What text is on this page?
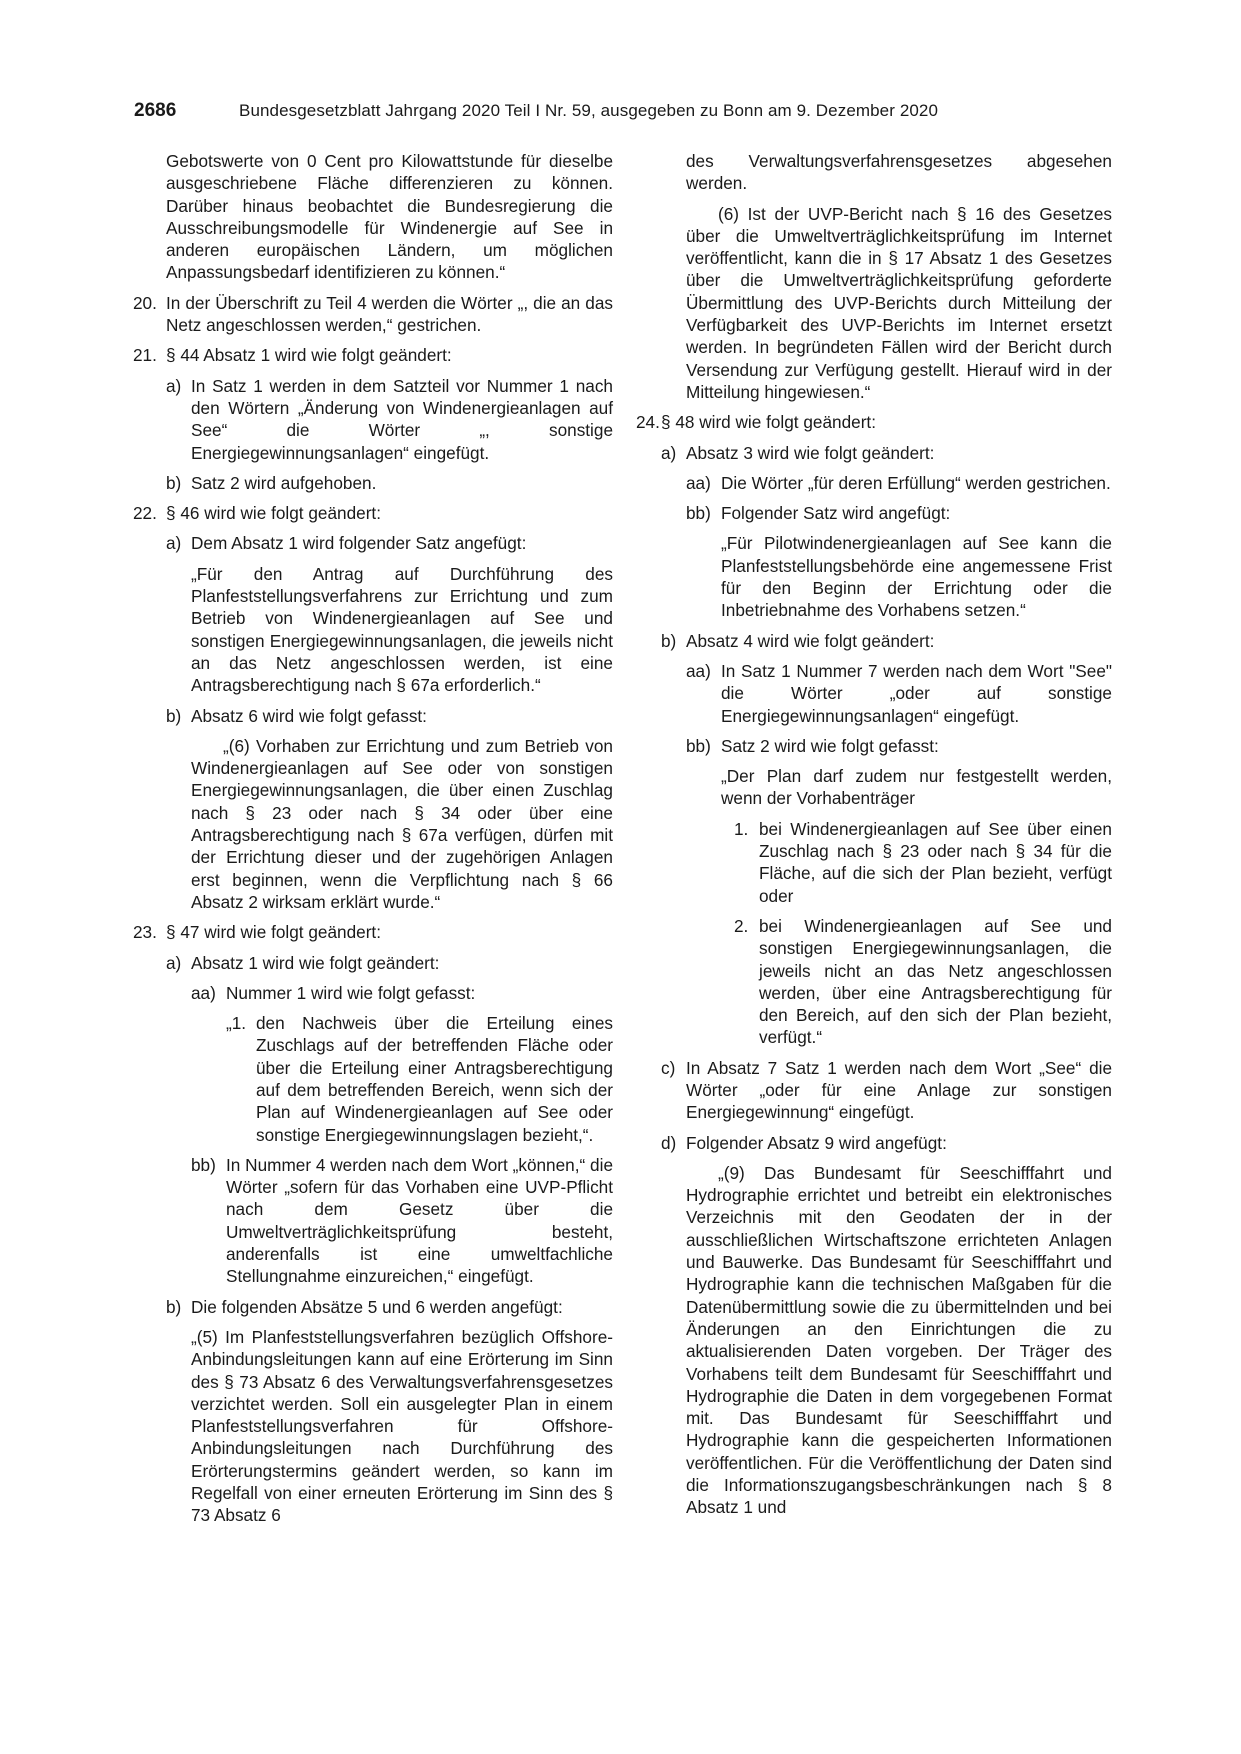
2686	Bundesgesetzblatt Jahrgang 2020 Teil I Nr. 59, ausgegeben zu Bonn am 9. Dezember 2020
Gebotswerte von 0 Cent pro Kilowattstunde für dieselbe ausgeschriebene Fläche differenzieren zu können. Darüber hinaus beobachtet die Bundesregierung die Ausschreibungsmodelle für Windenergie auf See in anderen europäischen Ländern, um möglichen Anpassungsbedarf identifizieren zu können.“
20. In der Überschrift zu Teil 4 werden die Wörter „, die an das Netz angeschlossen werden,“ gestrichen.
21. § 44 Absatz 1 wird wie folgt geändert:
a) In Satz 1 werden in dem Satzteil vor Nummer 1 nach den Wörtern „Änderung von Windenergieanlagen auf See“ die Wörter „, sonstige Energiegewinnungsanlagen“ eingefügt.
b) Satz 2 wird aufgehoben.
22. § 46 wird wie folgt geändert:
a) Dem Absatz 1 wird folgender Satz angefügt:
„Für den Antrag auf Durchführung des Planfeststellungsverfahrens zur Errichtung und zum Betrieb von Windenergieanlagen auf See und sonstigen Energiegewinnungsanlagen, die jeweils nicht an das Netz angeschlossen werden, ist eine Antragsberechtigung nach § 67a erforderlich.“
b) Absatz 6 wird wie folgt gefasst:
„(6) Vorhaben zur Errichtung und zum Betrieb von Windenergieanlagen auf See oder von sonstigen Energiegewinnungsanlagen, die über einen Zuschlag nach § 23 oder nach § 34 oder über eine Antragsberechtigung nach § 67a verfügen, dürfen mit der Errichtung dieser und der zugehörigen Anlagen erst beginnen, wenn die Verpflichtung nach § 66 Absatz 2 wirksam erklärt wurde.“
23. § 47 wird wie folgt geändert:
a) Absatz 1 wird wie folgt geändert:
aa) Nummer 1 wird wie folgt gefasst:
„1. den Nachweis über die Erteilung eines Zuschlags auf der betreffenden Fläche oder über die Erteilung einer Antragsberechtigung auf dem betreffenden Bereich, wenn sich der Plan auf Windenergieanlagen auf See oder sonstige Energiegewinnungslagen bezieht,“.
bb) In Nummer 4 werden nach dem Wort „können,“ die Wörter „sofern für das Vorhaben eine UVP-Pflicht nach dem Gesetz über die Umweltverträglichkeitsprüfung besteht, anderenfalls ist eine umweltfachliche Stellungnahme einzureichen,“ eingefügt.
b) Die folgenden Absätze 5 und 6 werden angefügt:
„(5) Im Planfeststellungsverfahren bezüglich Offshore-Anbindungsleitungen kann auf eine Erörterung im Sinn des § 73 Absatz 6 des Verwaltungsverfahrensgesetzes verzichtet werden. Soll ein ausgelegter Plan in einem Planfeststellungsverfahren für Offshore-Anbindungsleitungen nach Durchführung des Erörterungstermins geändert werden, so kann im Regelfall von einer erneuten Erörterung im Sinn des § 73 Absatz 6
des Verwaltungsverfahrensgesetzes abgesehen werden.
(6) Ist der UVP-Bericht nach § 16 des Gesetzes über die Umweltverträglichkeitsprüfung im Internet veröffentlicht, kann die in § 17 Absatz 1 des Gesetzes über die Umweltverträglichkeitsprüfung geforderte Übermittlung des UVP-Berichts durch Mitteilung der Verfügbarkeit des UVP-Berichts im Internet ersetzt werden. In begründeten Fällen wird der Bericht durch Versendung zur Verfügung gestellt. Hierauf wird in der Mitteilung hingewiesen.“
24. § 48 wird wie folgt geändert:
a) Absatz 3 wird wie folgt geändert:
aa) Die Wörter „für deren Erfüllung“ werden gestrichen.
bb) Folgender Satz wird angefügt:
„Für Pilotwindenergieanlagen auf See kann die Planfeststellungsbehörde eine angemessene Frist für den Beginn der Errichtung oder die Inbetriebnahme des Vorhabens setzen.“
b) Absatz 4 wird wie folgt geändert:
aa) In Satz 1 Nummer 7 werden nach dem Wort "See" die Wörter „oder auf sonstige Energiegewinnungsanlagen“ eingefügt.
bb) Satz 2 wird wie folgt gefasst:
„Der Plan darf zudem nur festgestellt werden, wenn der Vorhabenträger
1. bei Windenergieanlagen auf See über einen Zuschlag nach § 23 oder nach § 34 für die Fläche, auf die sich der Plan bezieht, verfügt oder
2. bei Windenergieanlagen auf See und sonstigen Energiegewinnungsanlagen, die jeweils nicht an das Netz angeschlossen werden, über eine Antragsberechtigung für den Bereich, auf den sich der Plan bezieht, verfügt.“
c) In Absatz 7 Satz 1 werden nach dem Wort „See“ die Wörter „oder für eine Anlage zur sonstigen Energiegewinnung“ eingefügt.
d) Folgender Absatz 9 wird angefügt:
„(9) Das Bundesamt für Seeschifffahrt und Hydrographie errichtet und betreibt ein elektronisches Verzeichnis mit den Geodaten der in der ausschließlichen Wirtschaftszone errichteten Anlagen und Bauwerke. Das Bundesamt für Seeschifffahrt und Hydrographie kann die technischen Maßgaben für die Datenübermittlung sowie die zu übermittelnden und bei Änderungen an den Einrichtungen die zu aktualisierenden Daten vorgeben. Der Träger des Vorhabens teilt dem Bundesamt für Seeschifffahrt und Hydrographie die Daten in dem vorgegebenen Format mit. Das Bundesamt für Seeschifffahrt und Hydrographie kann die gespeicherten Informationen veröffentlichen. Für die Veröffentlichung der Daten sind die Informationszugangsbeschränkungen nach § 8 Absatz 1 und
